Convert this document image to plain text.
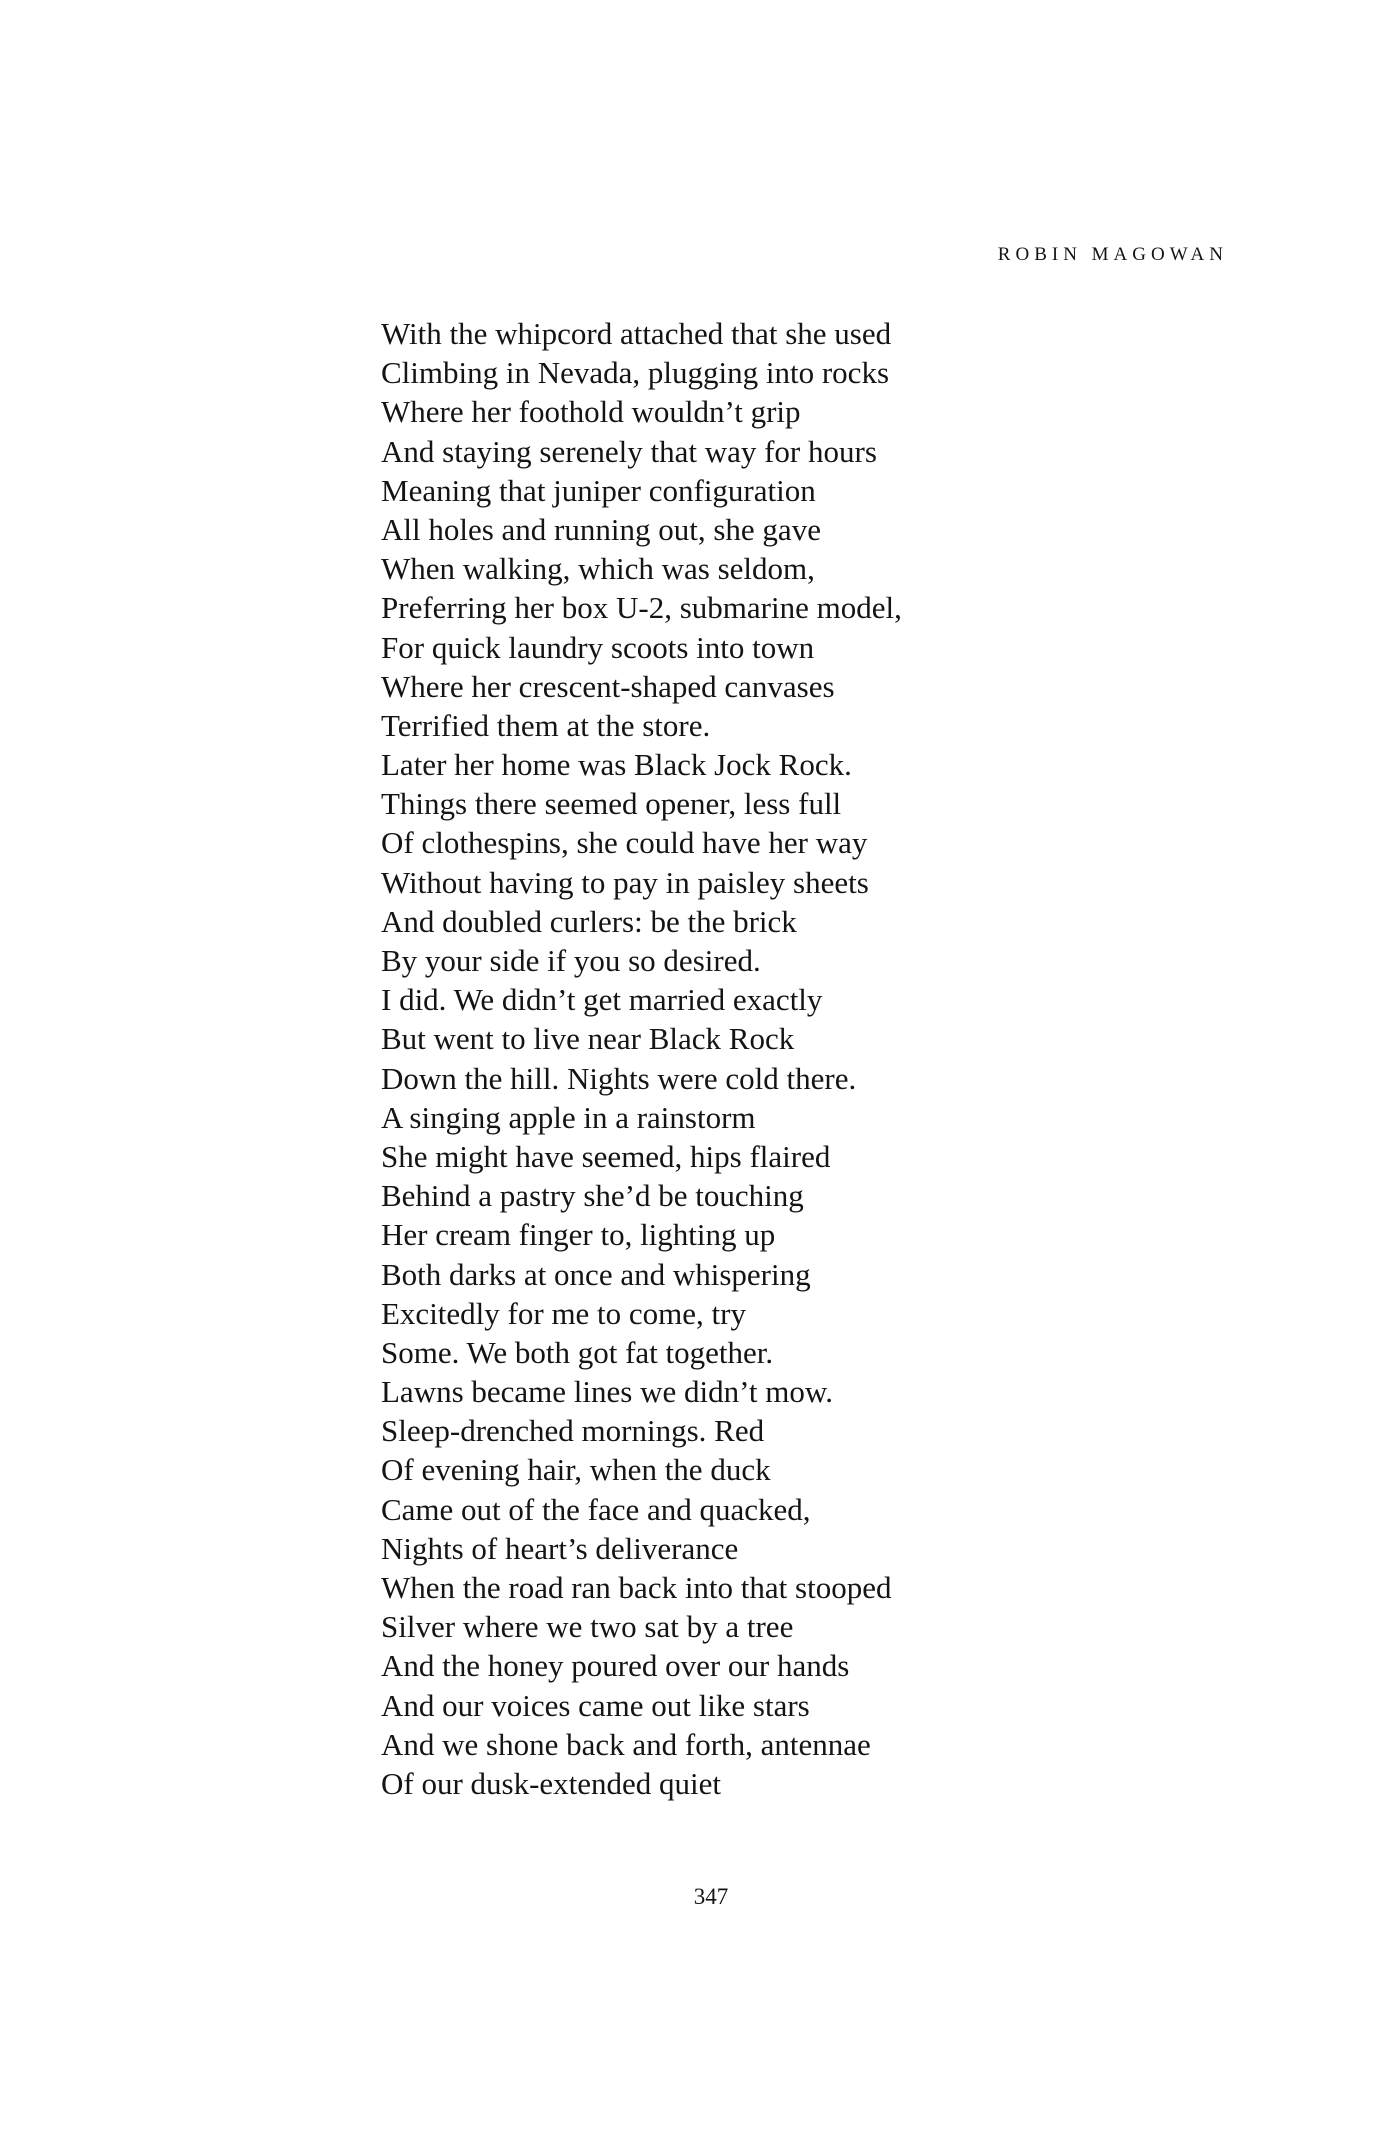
ROBIN MAGOWAN
With the whipcord attached that she used
Climbing in Nevada, plugging into rocks
Where her foothold wouldn’t grip
And staying serenely that way for hours
Meaning that juniper configuration
All holes and running out, she gave
When walking, which was seldom,
Preferring her box U-2, submarine model,
For quick laundry scoots into town
Where her crescent-shaped canvases
Terrified them at the store.
Later her home was Black Jock Rock.
Things there seemed opener, less full
Of clothespins, she could have her way
Without having to pay in paisley sheets
And doubled curlers: be the brick
By your side if you so desired.
I did. We didn’t get married exactly
But went to live near Black Rock
Down the hill. Nights were cold there.
A singing apple in a rainstorm
She might have seemed, hips flaired
Behind a pastry she’d be touching
Her cream finger to, lighting up
Both darks at once and whispering
Excitedly for me to come, try
Some. We both got fat together.
Lawns became lines we didn’t mow.
Sleep-drenched mornings. Red
Of evening hair, when the duck
Came out of the face and quacked,
Nights of heart’s deliverance
When the road ran back into that stooped
Silver where we two sat by a tree
And the honey poured over our hands
And our voices came out like stars
And we shone back and forth, antennae
Of our dusk-extended quiet
347
